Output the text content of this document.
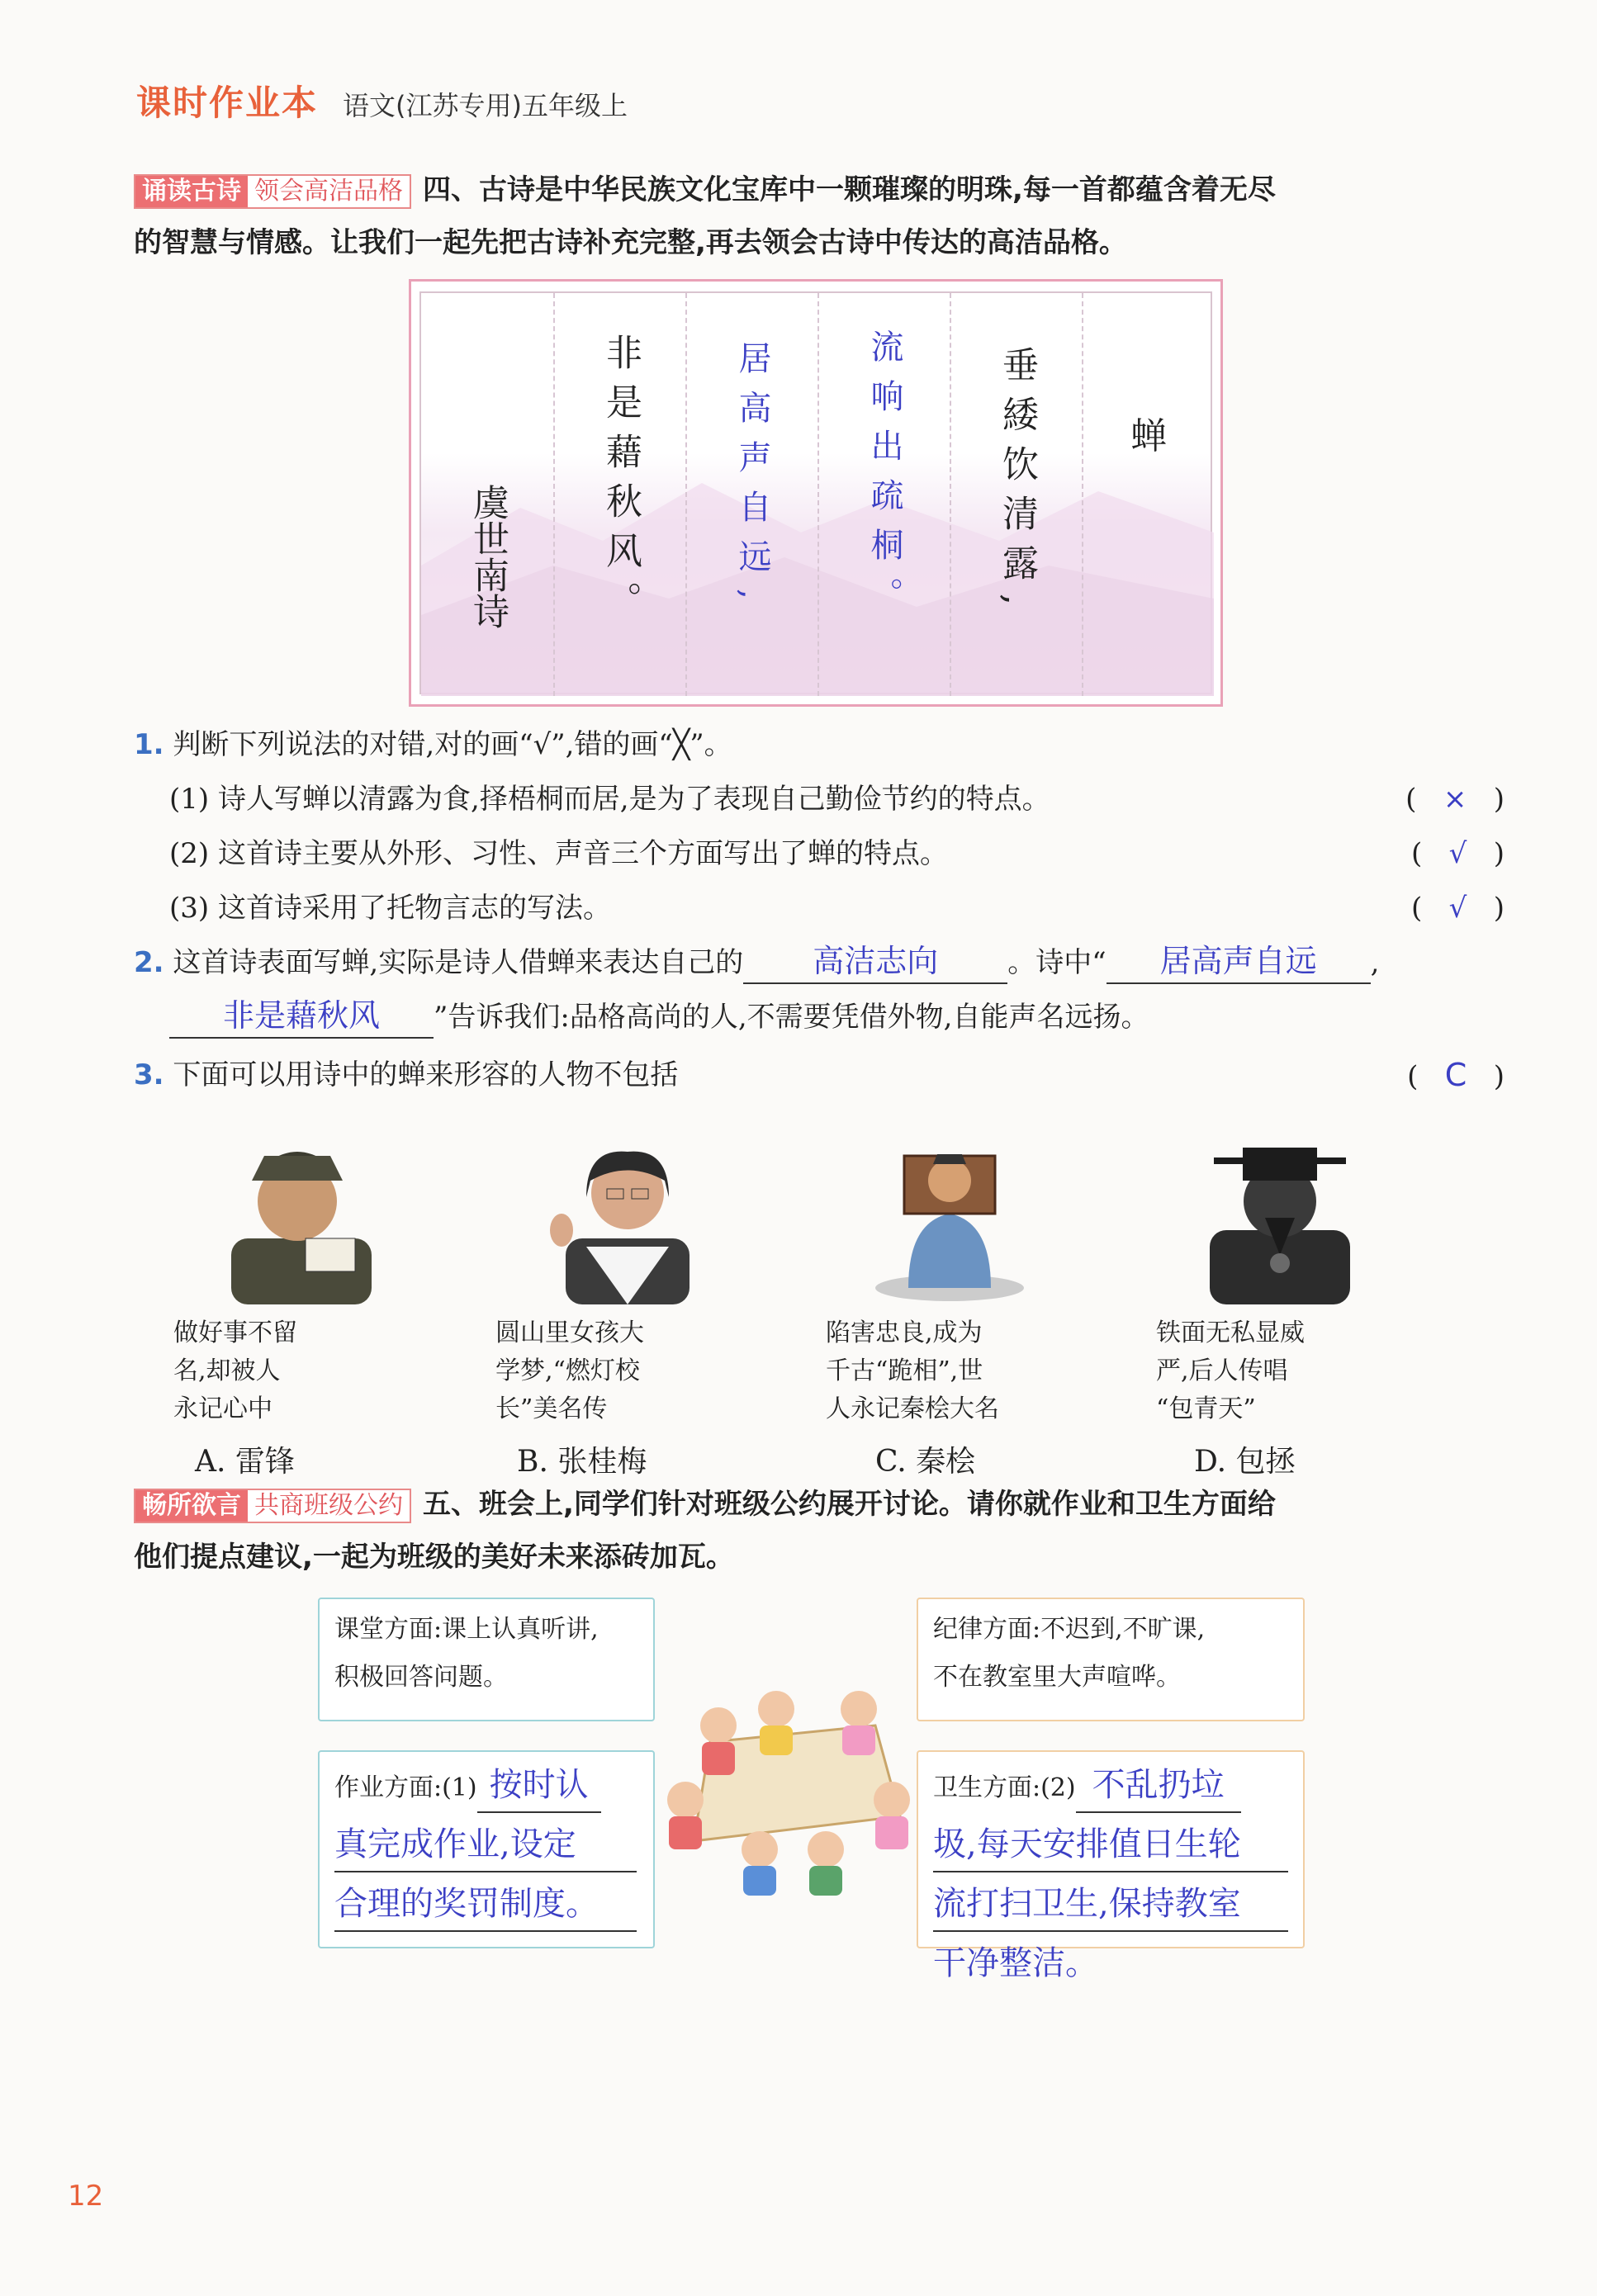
课时作业本 语文(江苏专用)五年级上
诵读古诗 领会高洁品格 四、古诗是中华民族文化宝库中一颗璀璨的明珠,每一首都蕴含着无尽
的智慧与情感。让我们一起先把古诗补充完整,再去领会古诗中传达的高洁品格。
虞世南诗	非是藉秋风。	居高声自远,	流响出疏桐。	垂緌饮清露,	蝉
1. 判断下列说法的对错,对的画“√”,错的画“╳”。
(1) 诗人写蝉以清露为食,择梧桐而居,是为了表现自己勤俭节约的特点。	(   ×   )
(2) 这首诗主要从外形、习性、声音三个方面写出了蝉的特点。	(   √   )
(3) 这首诗采用了托物言志的写法。	(   √   )
2. 这首诗表面写蝉,实际是诗人借蝉来表达自己的 高洁志向 。诗中“ 居高声自远 ,
非是藉秋风 ”告诉我们:品格高尚的人,不需要凭借外物,自能声名远扬。
3. 下面可以用诗中的蝉来形容的人物不包括	(   C   )
做好事不留
名,却被人
永记心中
A. 雷锋
圆山里女孩大
学梦,“燃灯校
长”美名传
B. 张桂梅
陷害忠良,成为
千古“跪相”,世
人永记秦桧大名
C. 秦桧
铁面无私显威
严,后人传唱
“包青天”
D. 包拯
畅所欲言 共商班级公约 五、班会上,同学们针对班级公约展开讨论。请你就作业和卫生方面给
他们提点建议,一起为班级的美好未来添砖加瓦。
课堂方面:课上认真听讲,
积极回答问题。
纪律方面:不迟到,不旷课,
不在教室里大声喧哗。
作业方面:(1) 按时认
真完成作业,设定
合理的奖罚制度。
卫生方面:(2) 不乱扔垃
圾,每天安排值日生轮
流打扫卫生,保持教室
干净整洁。
12
